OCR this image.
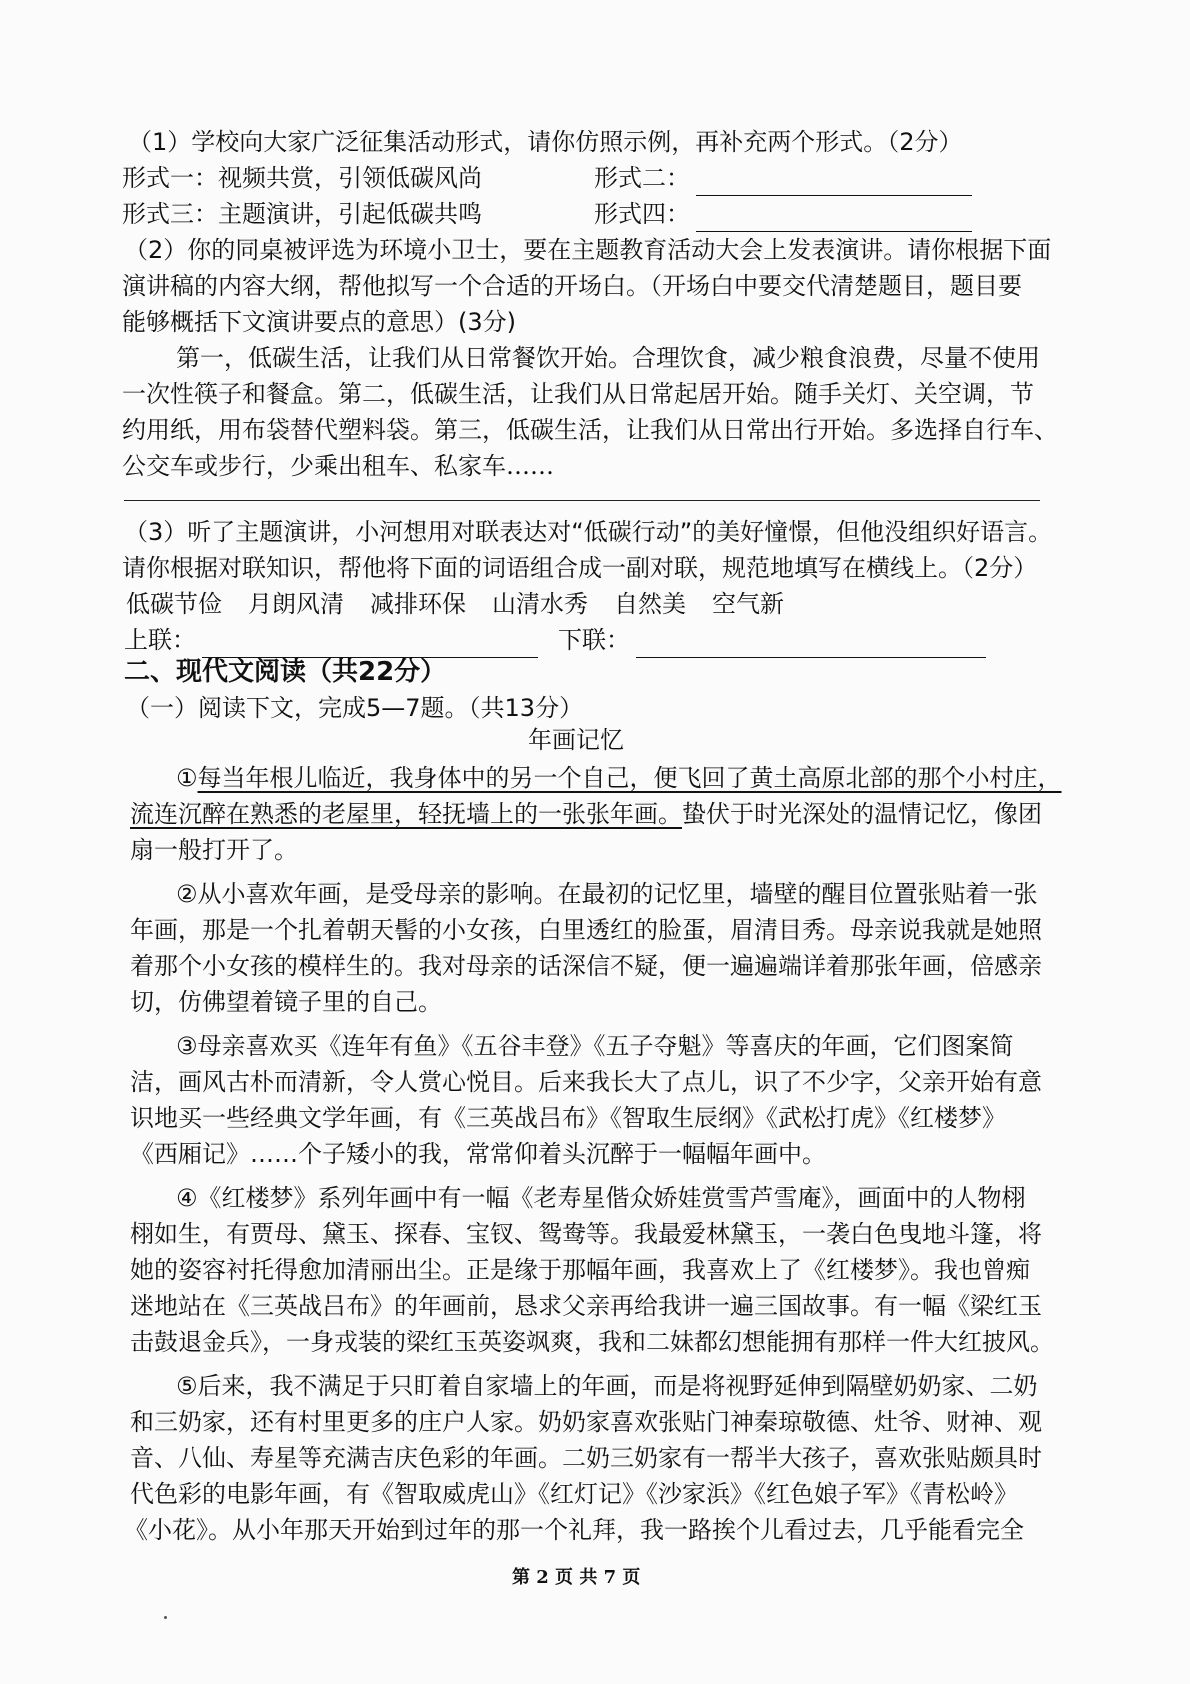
（1）学校向大家广泛征集活动形式，请你仿照示例，再补充两个形式。（2分）
形式一：视频共赏，引领低碳风尚	形式二：
形式三：主题演讲，引起低碳共鸣	形式四：
（2）你的同桌被评选为环境小卫士，要在主题教育活动大会上发表演讲。请你根据下面
演讲稿的内容大纲，帮他拟写一个合适的开场白。（开场白中要交代清楚题目，题目要
能够概括下文演讲要点的意思）(3分)
第一，低碳生活，让我们从日常餐饮开始。合理饮食，减少粮食浪费，尽量不使用
一次性筷子和餐盒。第二，低碳生活，让我们从日常起居开始。随手关灯、关空调，节
约用纸，用布袋替代塑料袋。第三，低碳生活，让我们从日常出行开始。多选择自行车、
公交车或步行，少乘出租车、私家车……
（3）听了主题演讲，小河想用对联表达对“低碳行动”的美好憧憬，但他没组织好语言。
请你根据对联知识，帮他将下面的词语组合成一副对联，规范地填写在横线上。（2分）
低碳节俭 月朗风清 减排环保 山清水秀 自然美 空气新
上联：	下联：
二、现代文阅读（共22分）
（一）阅读下文，完成5—7题。（共13分）
年画记忆
①每当年根儿临近，我身体中的另一个自己，便飞回了黄土高原北部的那个小村庄，
流连沉醉在熟悉的老屋里，轻抚墙上的一张张年画。蛰伏于时光深处的温情记忆，像团
扇一般打开了。
②从小喜欢年画，是受母亲的影响。在最初的记忆里，墙壁的醒目位置张贴着一张
年画，那是一个扎着朝天髻的小女孩，白里透红的脸蛋，眉清目秀。母亲说我就是她照
着那个小女孩的模样生的。我对母亲的话深信不疑，便一遍遍端详着那张年画，倍感亲
切，仿佛望着镜子里的自己。
③母亲喜欢买《连年有鱼》《五谷丰登》《五子夺魁》等喜庆的年画，它们图案简
洁，画风古朴而清新，令人赏心悦目。后来我长大了点儿，识了不少字，父亲开始有意
识地买一些经典文学年画，有《三英战吕布》《智取生辰纲》《武松打虎》《红楼梦》
《西厢记》……个子矮小的我，常常仰着头沉醉于一幅幅年画中。
④《红楼梦》系列年画中有一幅《老寿星偕众娇娃赏雪芦雪庵》，画面中的人物栩
栩如生，有贾母、黛玉、探春、宝钗、鸳鸯等。我最爱林黛玉，一袭白色曳地斗篷，将
她的姿容衬托得愈加清丽出尘。正是缘于那幅年画，我喜欢上了《红楼梦》。我也曾痴
迷地站在《三英战吕布》的年画前，恳求父亲再给我讲一遍三国故事。有一幅《梁红玉
击鼓退金兵》，一身戎装的梁红玉英姿飒爽，我和二妹都幻想能拥有那样一件大红披风。
⑤后来，我不满足于只盯着自家墙上的年画，而是将视野延伸到隔壁奶奶家、二奶
和三奶家，还有村里更多的庄户人家。奶奶家喜欢张贴门神秦琼敬德、灶爷、财神、观
音、八仙、寿星等充满吉庆色彩的年画。二奶三奶家有一帮半大孩子，喜欢张贴颇具时
代色彩的电影年画，有《智取威虎山》《红灯记》《沙家浜》《红色娘子军》《青松岭》
《小花》。从小年那天开始到过年的那一个礼拜，我一路挨个儿看过去，几乎能看完全
第 2 页 共 7 页
